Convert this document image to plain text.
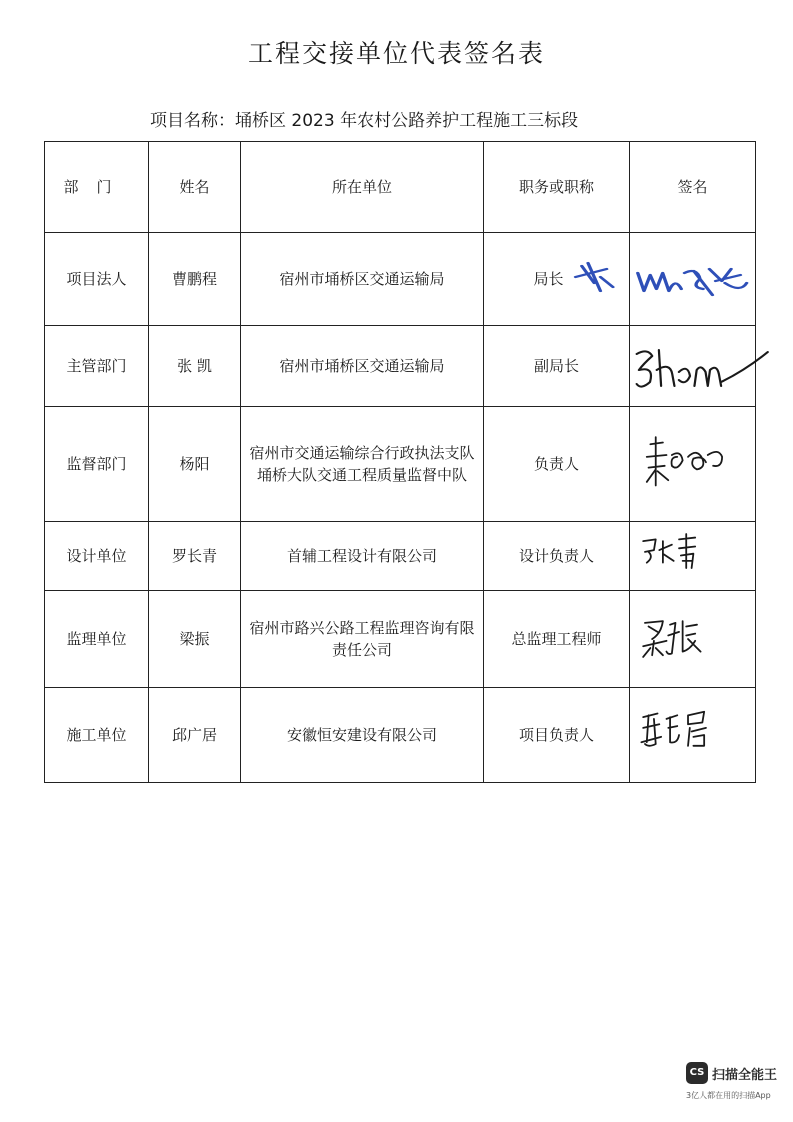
工程交接单位代表签名表
项目名称：埇桥区 2023 年农村公路养护工程施工三标段
部门	姓名	所在单位	职务或职称	签名
项目法人	曹鹏程	宿州市埇桥区交通运输局	局长	

主管部门	张 凯	宿州市埇桥区交通运输局	副局长	

监督部门	杨阳	宿州市交通运输综合行政执法支队埇桥大队交通工程质量监督中队	负责人	

设计单位	罗长青	首辅工程设计有限公司	设计负责人	

监理单位	梁振	宿州市路兴公路工程监理咨询有限责任公司	总监理工程师	

施工单位	邱广居	安徽恒安建设有限公司	项目负责人	
CS 扫描全能王
3亿人都在用的扫描App
